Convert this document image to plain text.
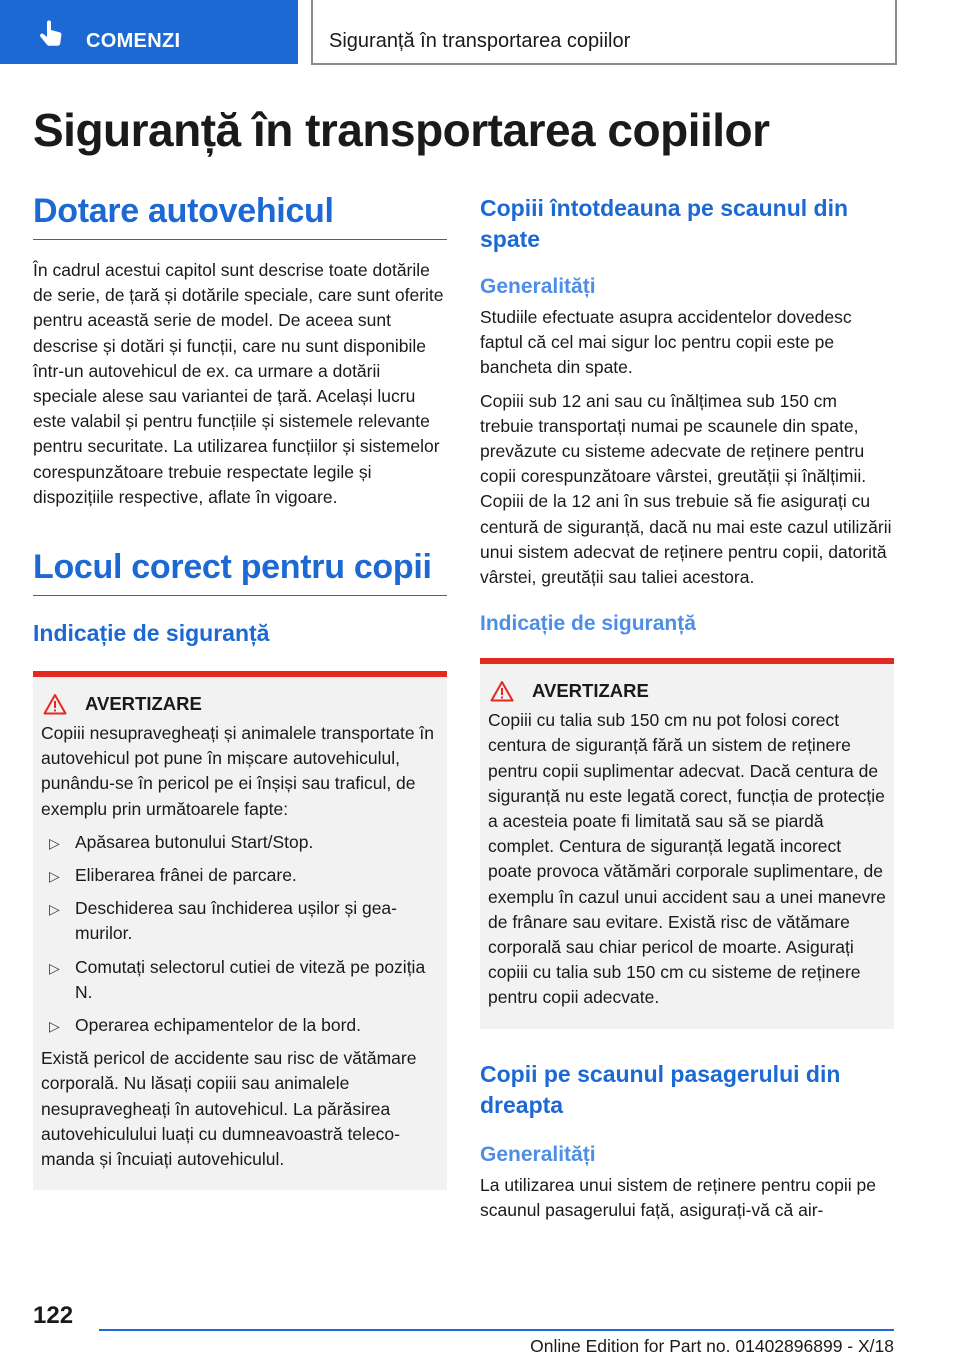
COMENZI	Siguranță în transportarea copiilor
Siguranță în transportarea copiilor
Dotare autovehicul

În cadrul acestui capitol sunt descrise toate dotările de serie, de țară și dotările speciale, care sunt oferite pentru această serie de model. De aceea sunt descrise și dotări și funcții, care nu sunt disponibile într-un autovehicul de ex. ca urmare a dotării speciale alese sau variantei de țară. Același lucru este valabil și pentru funcțiile și sistemele relevante pentru securitate. La utilizarea funcțiilor și sistemelor corespunzătoare trebuie respectate legile și dispozițiile respective, aflate în vigoare.

Locul corect pentru copii
Indicație de siguranță
AVERTIZARE

Copiii nesupravegheați și animalele transportate în autovehicul pot pune în mișcare autovehiculul, punându-se în pericol pe ei înșiși sau traficul, de exemplu prin următoarele fapte:

▷ Apăsarea butonului Start/Stop.
▷ Eliberarea frânei de parcare.
▷ Deschiderea sau închiderea ușilor și geamurilor.
▷ Comutați selectorul cutiei de viteză pe poziția N.
▷ Operarea echipamentelor de la bord.

Există pericol de accidente sau risc de vătămare corporală. Nu lăsați copiii sau animalele nesupravegheați în autovehicul. La părăsirea autovehiculului luați cu dumneavoastră telecomanda și încuiați autovehiculul.

Copiii întotdeauna pe scaunul din spate
Generalități

Studiile efectuate asupra accidentelor dovedesc faptul că cel mai sigur loc pentru copii este pe bancheta din spate.

Copiii sub 12 ani sau cu înălțimea sub 150 cm trebuie transportați numai pe scaunele din spate, prevăzute cu sisteme adecvate de reținere pentru copii corespunzătoare vârstei, greutății și înălțimii. Copiii de la 12 ani în sus trebuie să fie asigurați cu centură de siguranță, dacă nu mai este cazul utilizării unui sistem adecvat de reținere pentru copii, datorită vârstei, greutății sau taliei acestora.

Indicație de siguranță
AVERTIZARE

Copiii cu talia sub 150 cm nu pot folosi corect centura de siguranță fără un sistem de reținere pentru copii suplimentar adecvat. Dacă centura de siguranță nu este legată corect, funcția de protecție a acesteia poate fi limitată sau să se piardă complet. Centura de siguranță legată incorect poate provoca vătămări corporale suplimentare, de exemplu în cazul unui accident sau a unei manevre de frânare sau evitare. Există risc de vătămare corporală sau chiar pericol de moarte. Asigurați copiii cu talia sub 150 cm cu sisteme de reținere pentru copii adecvate.

Copii pe scaunul pasagerului din dreapta
Generalități

La utilizarea unui sistem de reținere pentru copii pe scaunul pasagerului față, asigurați-vă că air-

122
Online Edition for Part no. 01402896899 - X/18
